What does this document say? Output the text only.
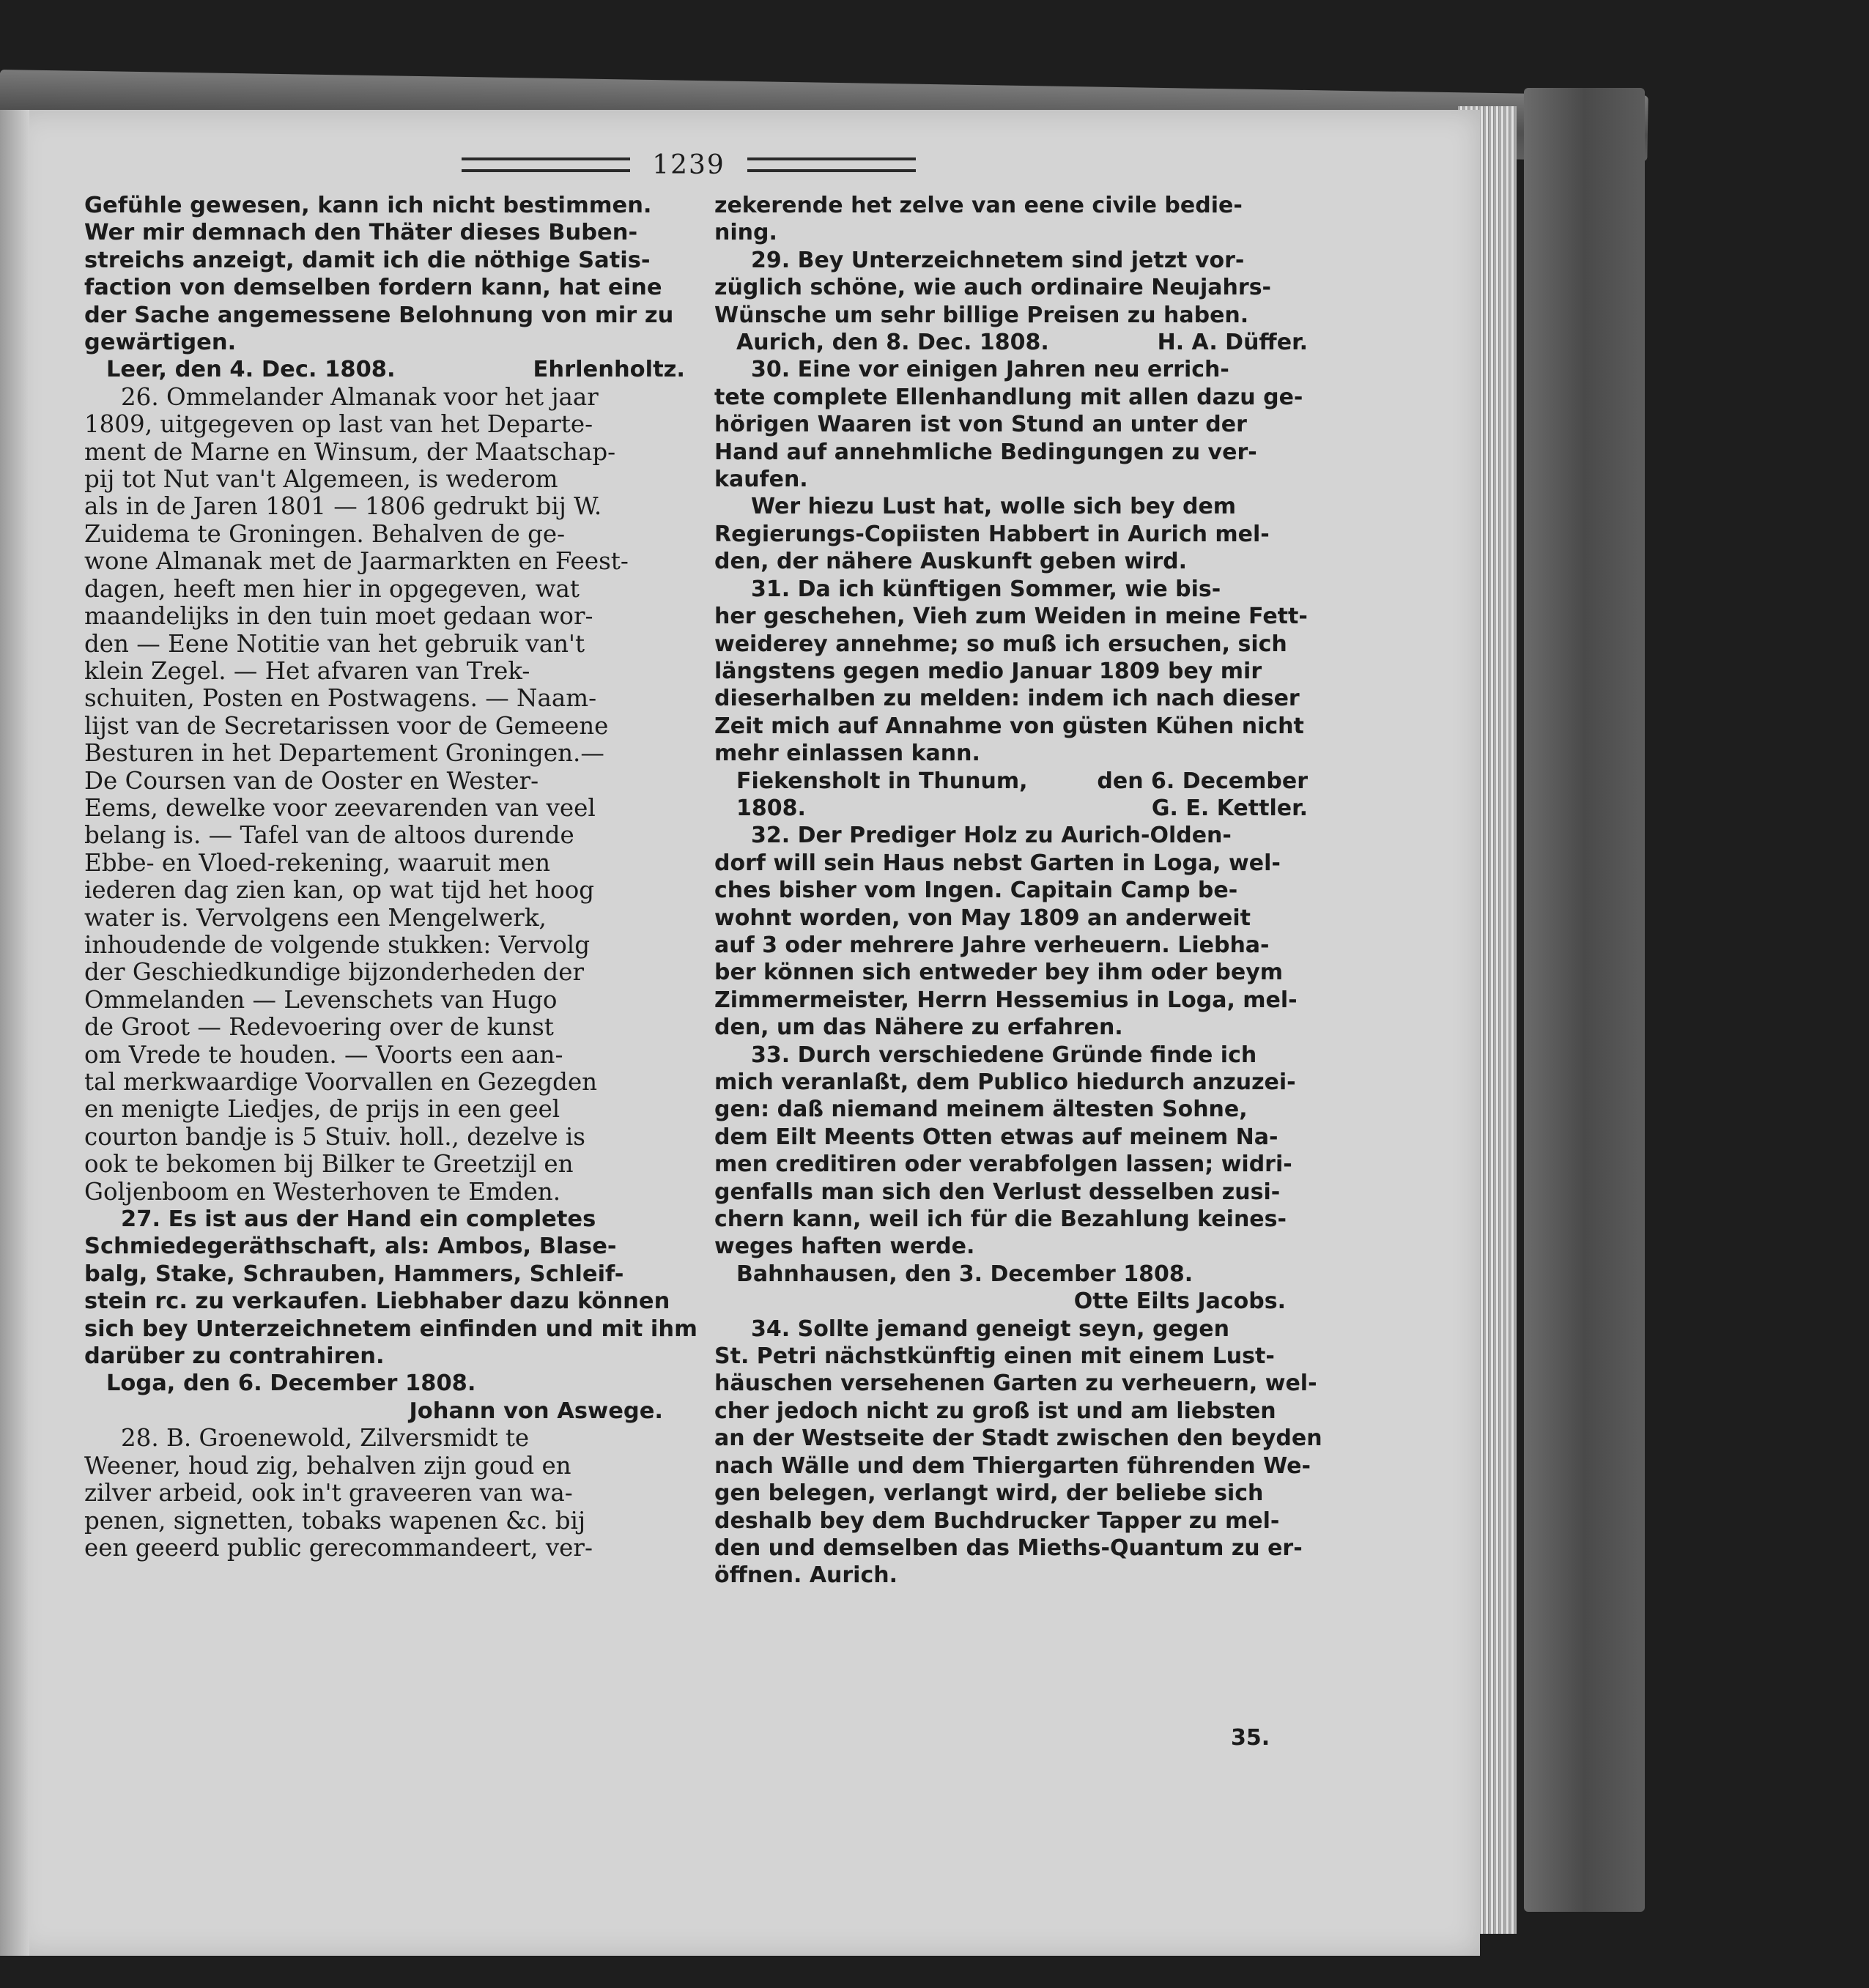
1239
Gefühle gewesen, kann ich nicht bestimmen.
Wer mir demnach den Thäter dieses Buben-
streichs anzeigt, damit ich die nöthige Satis-
faction von demselben fordern kann, hat eine
der Sache angemessene Belohnung von mir zu
gewärtigen.
Leer, den 4. Dec. 1808.	Ehrlenholtz.
26. Ommelander Almanak voor het jaar
1809, uitgegeven op last van het Departe-
ment de Marne en Winsum, der Maatschap-
pij tot Nut van't Algemeen, is wederom
als in de Jaren 1801 — 1806 gedrukt bij W.
Zuidema te Groningen. Behalven de ge-
wone Almanak met de Jaarmarkten en Feest-
dagen, heeft men hier in opgegeven, wat
maandelijks in den tuin moet gedaan wor-
den — Eene Notitie van het gebruik van't
klein Zegel. — Het afvaren van Trek-
schuiten, Posten en Postwagens. — Naam-
lijst van de Secretarissen voor de Gemeene
Besturen in het Departement Groningen.—
De Coursen van de Ooster en Wester-
Eems, dewelke voor zeevarenden van veel
belang is. — Tafel van de altoos durende
Ebbe- en Vloed-rekening, waaruit men
iederen dag zien kan, op wat tijd het hoog
water is. Vervolgens een Mengelwerk,
inhoudende de volgende stukken: Vervolg
der Geschiedkundige bijzonderheden der
Ommelanden — Levenschets van Hugo
de Groot — Redevoering over de kunst
om Vrede te houden. — Voorts een aan-
tal merkwaardige Voorvallen en Gezegden
en menigte Liedjes, de prijs in een geel
courton bandje is 5 Stuiv. holl., dezelve is
ook te bekomen bij Bilker te Greetzijl en
Goljenboom en Westerhoven te Emden.
27. Es ist aus der Hand ein completes
Schmiedegeräthschaft, als: Ambos, Blase-
balg, Stake, Schrauben, Hammers, Schleif-
stein rc. zu verkaufen. Liebhaber dazu können
sich bey Unterzeichnetem einfinden und mit ihm
darüber zu contrahiren.
Loga, den 6. December 1808.
Johann von Aswege.
28. B. Groenewold, Zilversmidt te
Weener, houd zig, behalven zijn goud en
zilver arbeid, ook in't graveeren van wa-
penen, signetten, tobaks wapenen &c. bij
een geeerd public gerecommandeert, ver-
zekerende het zelve van eene civile bedie-
ning.
29. Bey Unterzeichnetem sind jetzt vor-
züglich schöne, wie auch ordinaire Neujahrs-
Wünsche um sehr billige Preisen zu haben.
Aurich, den 8. Dec. 1808.	H. A. Düffer.
30. Eine vor einigen Jahren neu errich-
tete complete Ellenhandlung mit allen dazu ge-
hörigen Waaren ist von Stund an unter der
Hand auf annehmliche Bedingungen zu ver-
kaufen.
Wer hiezu Lust hat, wolle sich bey dem
Regierungs-Copiisten Habbert in Aurich mel-
den, der nähere Auskunft geben wird.
31. Da ich künftigen Sommer, wie bis-
her geschehen, Vieh zum Weiden in meine Fett-
weiderey annehme; so muß ich ersuchen, sich
längstens gegen medio Januar 1809 bey mir
dieserhalben zu melden: indem ich nach dieser
Zeit mich auf Annahme von güsten Kühen nicht
mehr einlassen kann.
Fiekensholt in Thunum,	den 6. December
1808.	G. E. Kettler.
32. Der Prediger Holz zu Aurich-Olden-
dorf will sein Haus nebst Garten in Loga, wel-
ches bisher vom Ingen. Capitain Camp be-
wohnt worden, von May 1809 an anderweit
auf 3 oder mehrere Jahre verheuern. Liebha-
ber können sich entweder bey ihm oder beym
Zimmermeister, Herrn Hessemius in Loga, mel-
den, um das Nähere zu erfahren.
33. Durch verschiedene Gründe finde ich
mich veranlaßt, dem Publico hiedurch anzuzei-
gen: daß niemand meinem ältesten Sohne,
dem Eilt Meents Otten etwas auf meinem Na-
men creditiren oder verabfolgen lassen; widri-
genfalls man sich den Verlust desselben zusi-
chern kann, weil ich für die Bezahlung keines-
weges haften werde.
Bahnhausen, den 3. December 1808.
Otte Eilts Jacobs.
34. Sollte jemand geneigt seyn, gegen
St. Petri nächstkünftig einen mit einem Lust-
häuschen versehenen Garten zu verheuern, wel-
cher jedoch nicht zu groß ist und am liebsten
an der Westseite der Stadt zwischen den beyden
nach Wälle und dem Thiergarten führenden We-
gen belegen, verlangt wird, der beliebe sich
deshalb bey dem Buchdrucker Tapper zu mel-
den und demselben das Mieths-Quantum zu er-
öffnen. Aurich.
35.
